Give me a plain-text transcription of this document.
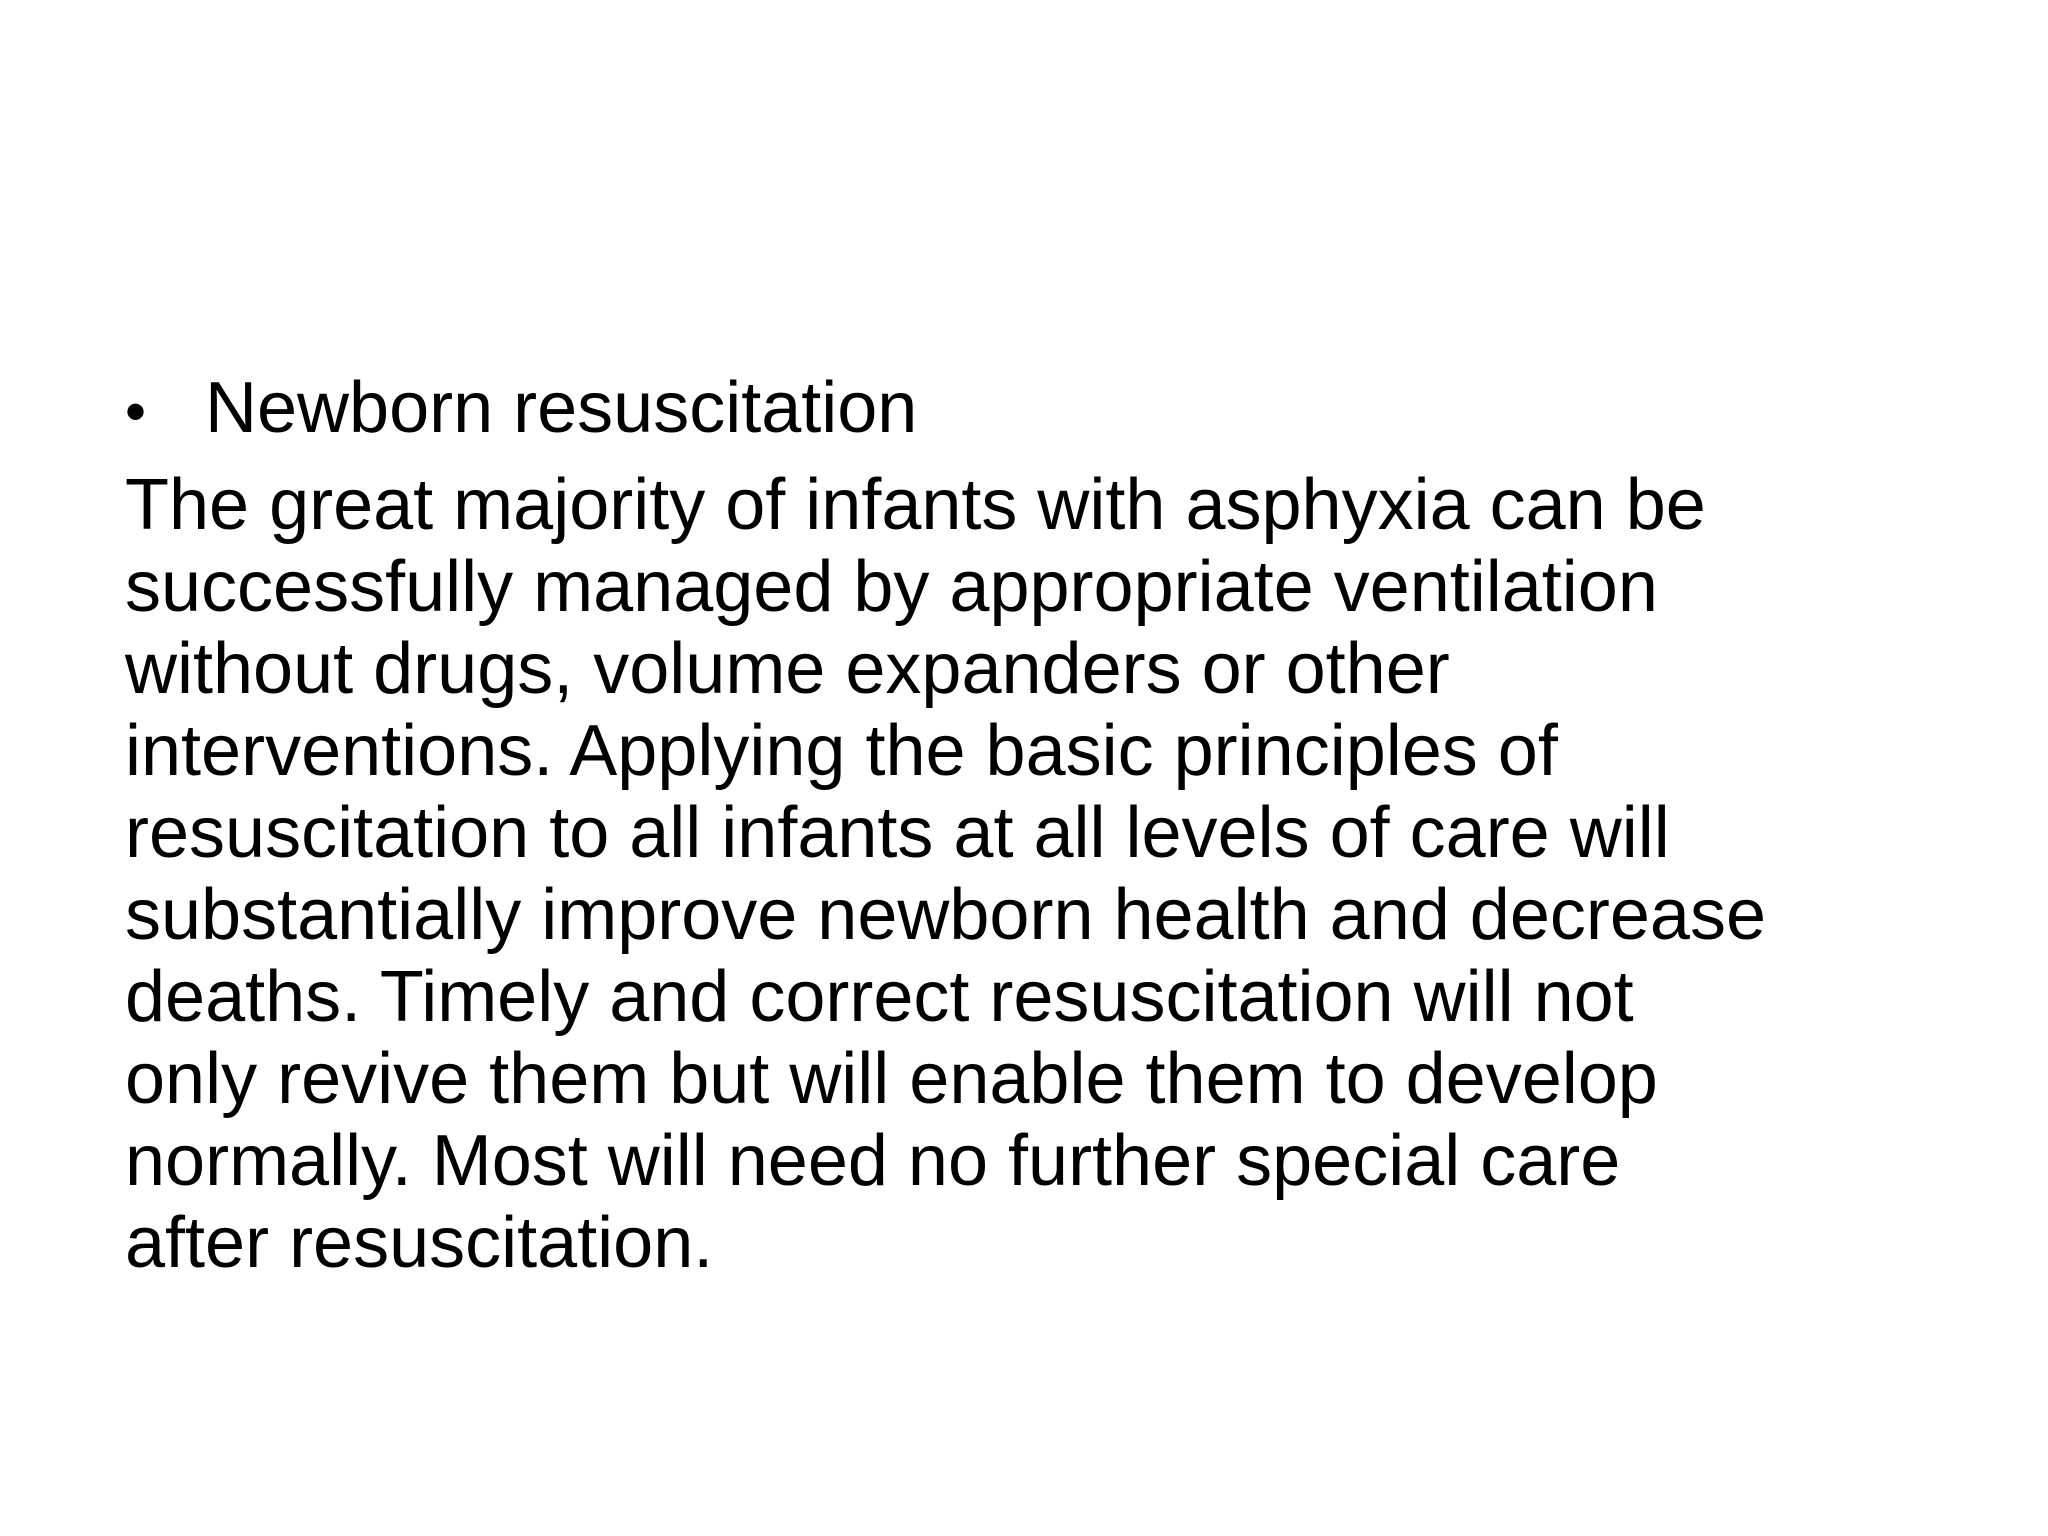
• Newborn resuscitation

The great majority of infants with asphyxia can be

successfully managed by appropriate ventilation

without drugs, volume expanders or other

interventions. Applying the basic principles of

resuscitation to all infants at all levels of care will

substantially improve newborn health and decrease

deaths. Timely and correct resuscitation will not

only revive them but will enable them to develop

normally. Most will need no further special care

after resuscitation.
